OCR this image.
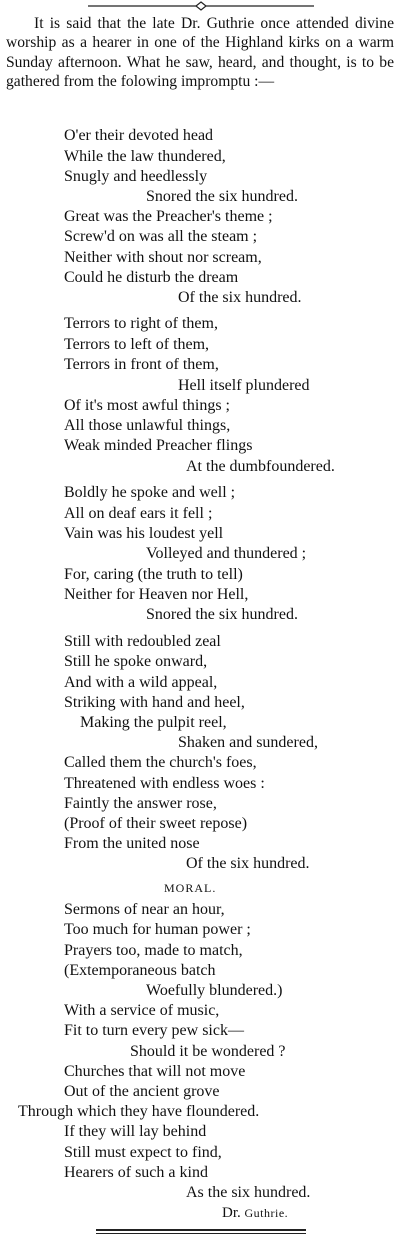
It is said that the late Dr. Guthrie once attended divine worship as a hearer in one of the Highland kirks on a warm Sunday afternoon. What he saw, heard, and thought, is to be gathered from the folowing impromptu :—
O'er their devoted head
While the law thundered,
Snugly and heedlessly
Snored the six hundred.
Great was the Preacher's theme ;
Screw'd on was all the steam ;
Neither with shout nor scream,
Could he disturb the dream
Of the six hundred.
Terrors to right of them,
Terrors to left of them,
Terrors in front of them,
Hell itself plundered
Of it's most awful things ;
All those unlawful things,
Weak minded Preacher flings
At the dumbfoundered.
Boldly he spoke and well ;
All on deaf ears it fell ;
Vain was his loudest yell
Volleyed and thundered ;
For, caring (the truth to tell)
Neither for Heaven nor Hell,
Snored the six hundred.
Still with redoubled zeal
Still he spoke onward,
And with a wild appeal,
Striking with hand and heel,
Making the pulpit reel,
Shaken and sundered,
Called them the church's foes,
Threatened with endless woes :
Faintly the answer rose,
(Proof of their sweet repose)
From the united nose
Of the six hundred.
Sermons of near an hour,
Too much for human power ;
Prayers too, made to match,
(Extemporaneous batch
Woefully blundered.)
With a service of music,
Fit to turn every pew sick—
Should it be wondered ?
Churches that will not move
Out of the ancient grove
Through which they have floundered.
If they will lay behind
Still must expect to find,
Hearers of such a kind
As the six hundred.
MORAL.
Dr. Guthrie.
